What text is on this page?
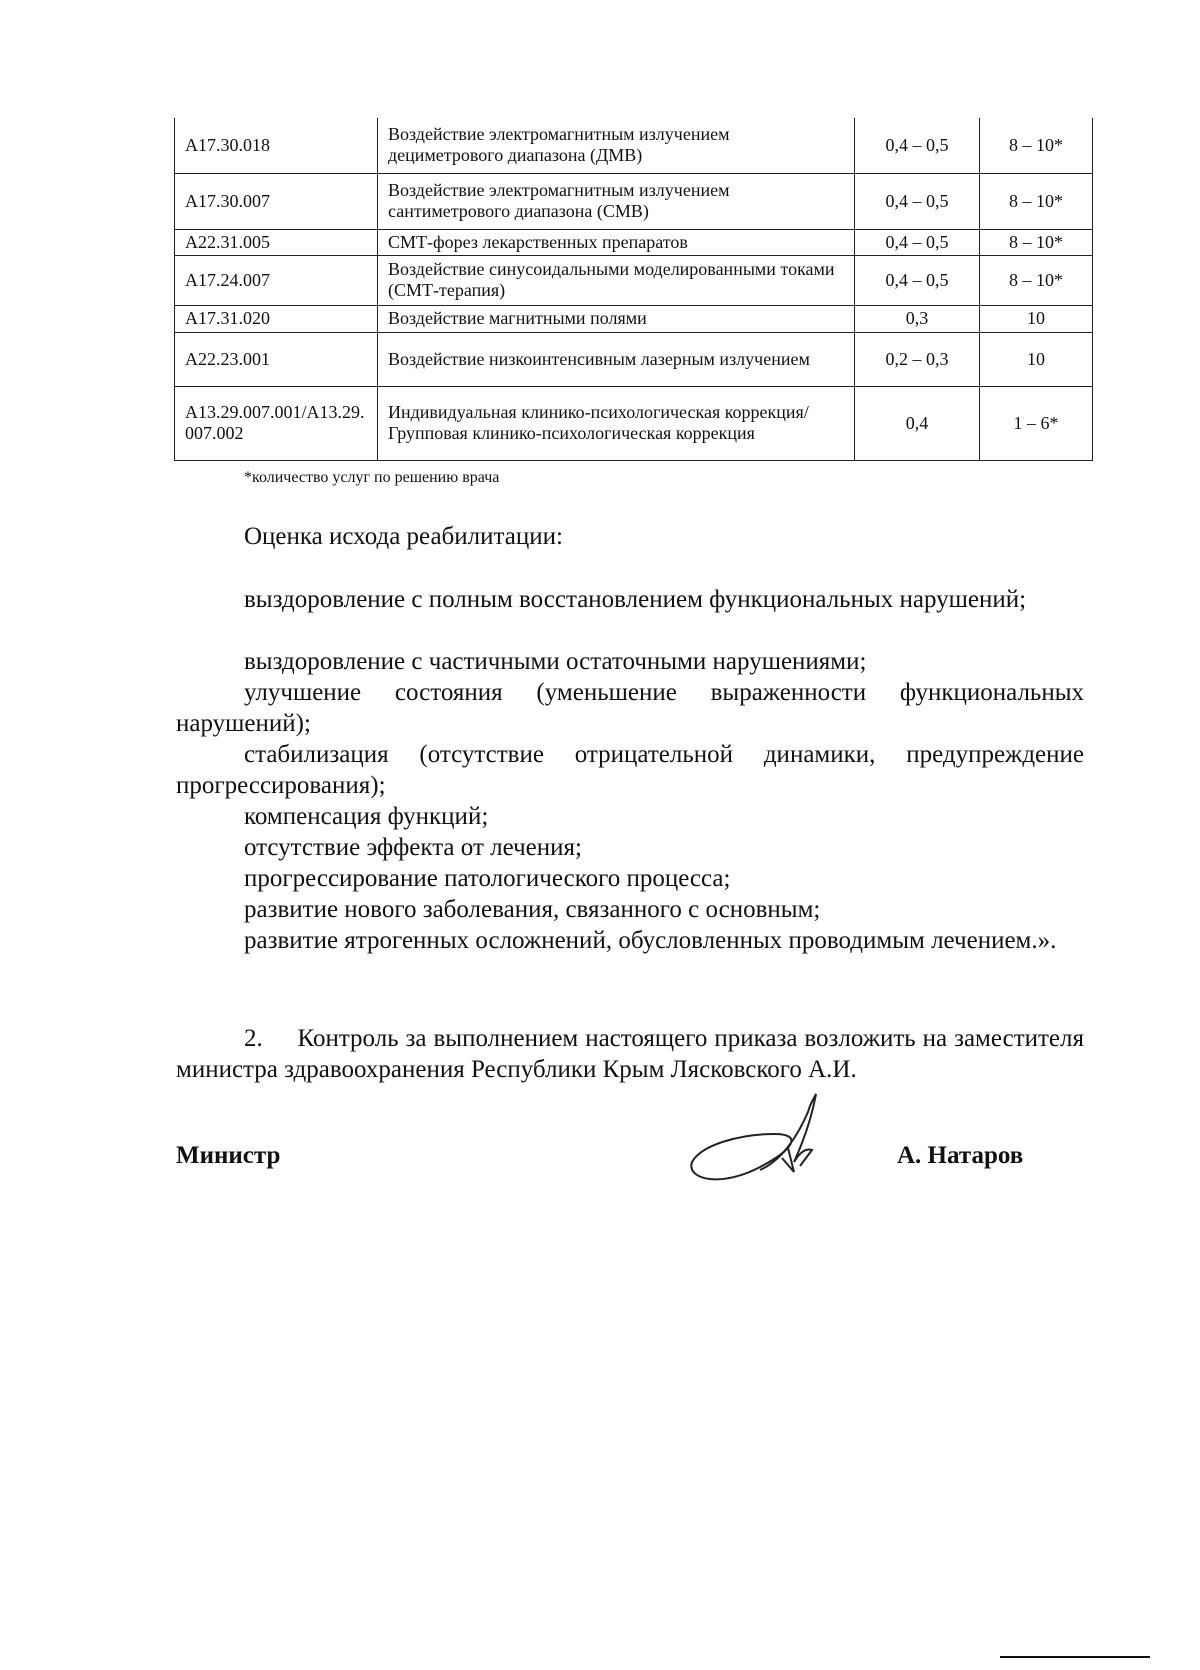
A17.30.018	Воздействие электромагнитным излучением дециметрового диапазона (ДМВ)	0,4 – 0,5	8 – 10*
A17.30.007	Воздействие электромагнитным излучением сантиметрового диапазона (СМВ)	0,4 – 0,5	8 – 10*
A22.31.005	СМТ-форез лекарственных препаратов	0,4 – 0,5	8 – 10*
A17.24.007	Воздействие синусоидальными моделированными токами (СМТ-терапия)	0,4 – 0,5	8 – 10*
A17.31.020	Воздействие магнитными полями	0,3	10
A22.23.001	Воздействие низкоинтенсивным лазерным излучением	0,2 – 0,3	10
A13.29.007.001/A13.29.007.002	Индивидуальная клинико-психологическая коррекция/Групповая клинико-психологическая коррекция	0,4	1 – 6*
*количество услуг по решению врача

Оценка исхода реабилитации:

выздоровление с полным восстановлением функциональных нарушений;

выздоровление с частичными остаточными нарушениями;

улучшение состояния (уменьшение выраженности функциональных нарушений);

стабилизация (отсутствие отрицательной динамики, предупреждение прогрессирования);

компенсация функций;

отсутствие эффекта от лечения;

прогрессирование патологического процесса;

развитие нового заболевания, связанного с основным;

развитие ятрогенных осложнений, обусловленных проводимым лечением.».

2. Контроль за выполнением настоящего приказа возложить на заместителя министра здравоохранения Республики Крым Лясковского А.И.

Министр	А. Натаров
